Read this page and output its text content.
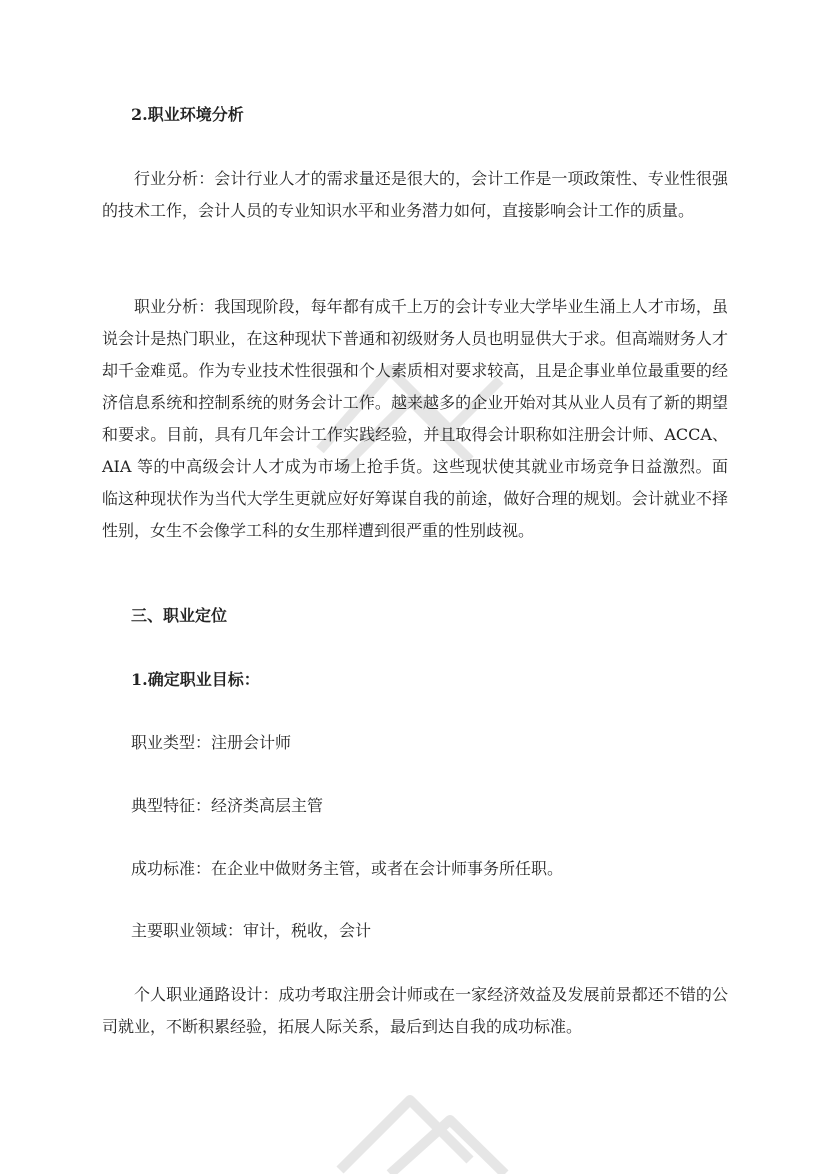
2.职业环境分析

行业分析：会计行业人才的需求量还是很大的，会计工作是一项政策性、专业性很强的技术工作，会计人员的专业知识水平和业务潜力如何，直接影响会计工作的质量。

职业分析：我国现阶段，每年都有成千上万的会计专业大学毕业生涌上人才市场，虽说会计是热门职业，在这种现状下普通和初级财务人员也明显供大于求。但高端财务人才却千金难觅。作为专业技术性很强和个人素质相对要求较高，且是企事业单位最重要的经济信息系统和控制系统的财务会计工作。越来越多的企业开始对其从业人员有了新的期望和要求。目前，具有几年会计工作实践经验，并且取得会计职称如注册会计师、ACCA、AIA 等的中高级会计人才成为市场上抢手货。这些现状使其就业市场竞争日益激烈。面临这种现状作为当代大学生更就应好好筹谋自我的前途，做好合理的规划。会计就业不择性别，女生不会像学工科的女生那样遭到很严重的性别歧视。

三、职业定位

1.确定职业目标：

职业类型：注册会计师

典型特征：经济类高层主管

成功标准：在企业中做财务主管，或者在会计师事务所任职。

主要职业领域：审计，税收，会计

个人职业通路设计：成功考取注册会计师或在一家经济效益及发展前景都还不错的公司就业，不断积累经验，拓展人际关系，最后到达自我的成功标准。
